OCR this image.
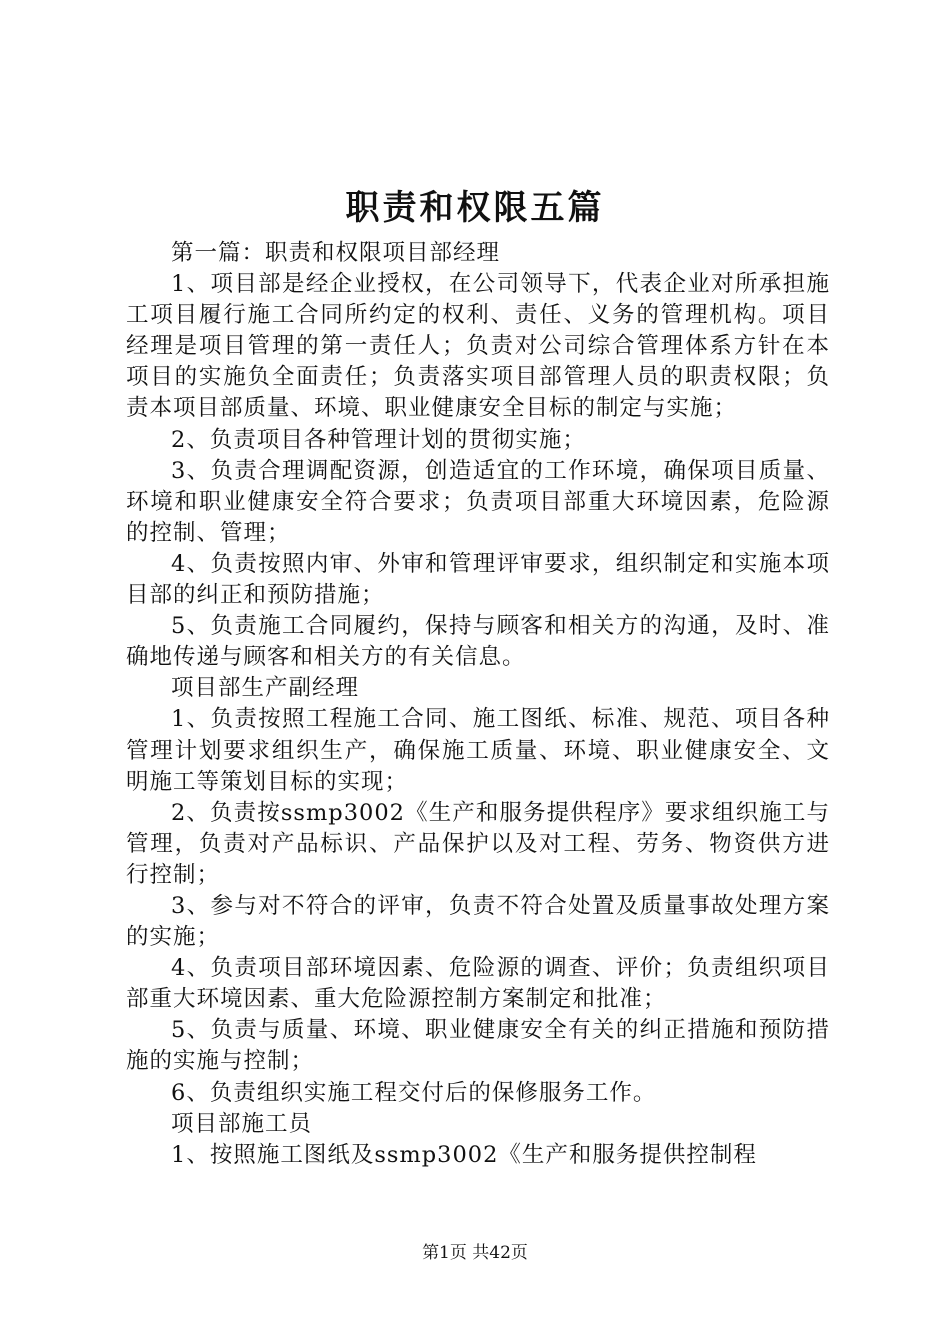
职责和权限五篇

第一篇：职责和权限项目部经理

1、项目部是经企业授权，在公司领导下，代表企业对所承担施工项目履行施工合同所约定的权利、责任、义务的管理机构。项目经理是项目管理的第一责任人；负责对公司综合管理体系方针在本项目的实施负全面责任；负责落实项目部管理人员的职责权限；负责本项目部质量、环境、职业健康安全目标的制定与实施；

2、负责项目各种管理计划的贯彻实施；

3、负责合理调配资源，创造适宜的工作环境，确保项目质量、环境和职业健康安全符合要求；负责项目部重大环境因素，危险源的控制、管理；

4、负责按照内审、外审和管理评审要求，组织制定和实施本项目部的纠正和预防措施；

5、负责施工合同履约，保持与顾客和相关方的沟通，及时、准确地传递与顾客和相关方的有关信息。

项目部生产副经理

1、负责按照工程施工合同、施工图纸、标准、规范、项目各种管理计划要求组织生产，确保施工质量、环境、职业健康安全、文明施工等策划目标的实现；

2、负责按ssmp3002《生产和服务提供程序》要求组织施工与管理，负责对产品标识、产品保护以及对工程、劳务、物资供方进行控制；

3、参与对不符合的评审，负责不符合处置及质量事故处理方案的实施；

4、负责项目部环境因素、危险源的调查、评价；负责组织项目部重大环境因素、重大危险源控制方案制定和批准；

5、负责与质量、环境、职业健康安全有关的纠正措施和预防措施的实施与控制；

6、负责组织实施工程交付后的保修服务工作。

项目部施工员

1、按照施工图纸及ssmp3002《生产和服务提供控制程

第1页 共42页
